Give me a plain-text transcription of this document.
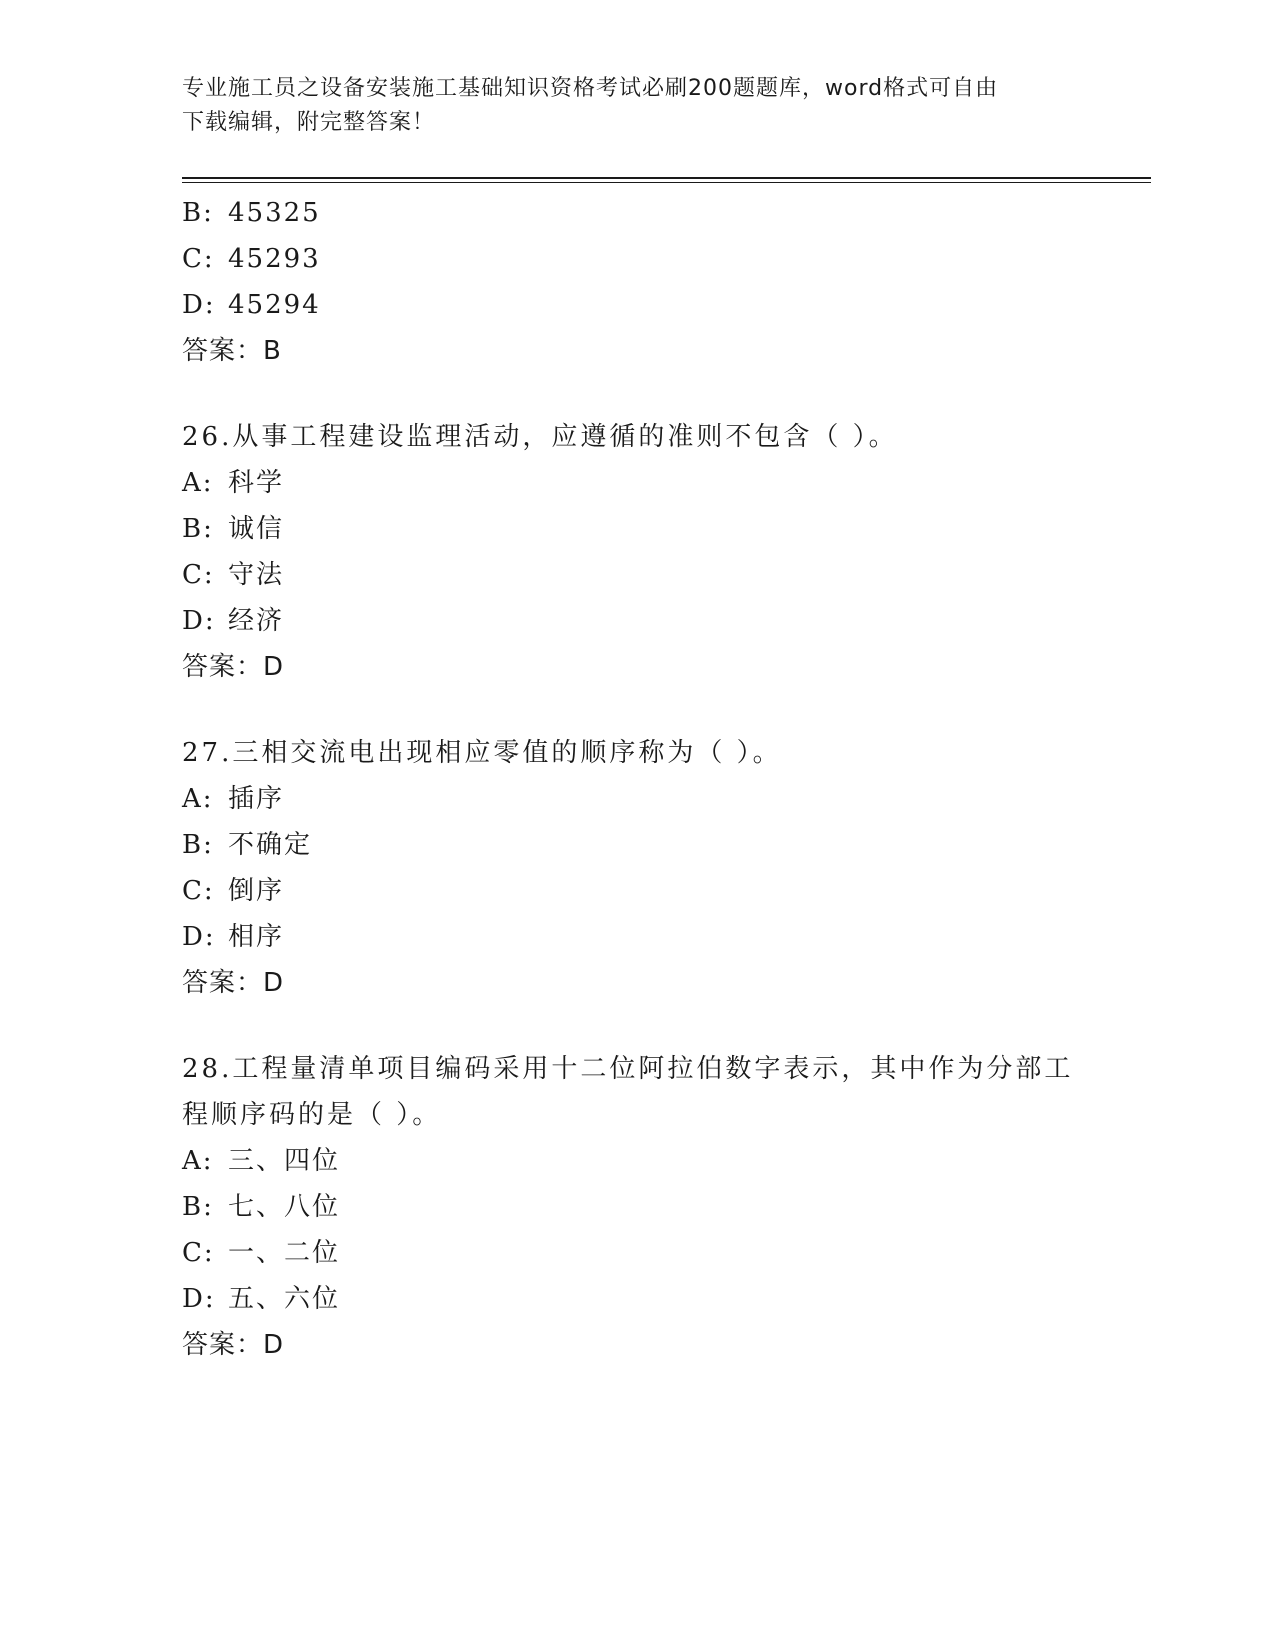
专业施工员之设备安装施工基础知识资格考试必刷200题题库，word格式可自由
下载编辑，附完整答案！
B: 45325
C: 45293
D: 45294
答案：B
26.从事工程建设监理活动，应遵循的准则不包含（ ）。
A: 科学
B: 诚信
C: 守法
D: 经济
答案：D
27.三相交流电出现相应零值的顺序称为（ ）。
A: 插序
B: 不确定
C: 倒序
D: 相序
答案：D
28.工程量清单项目编码采用十二位阿拉伯数字表示，其中作为分部工
程顺序码的是（ ）。
A: 三、四位
B: 七、八位
C: 一、二位
D: 五、六位
答案：D
